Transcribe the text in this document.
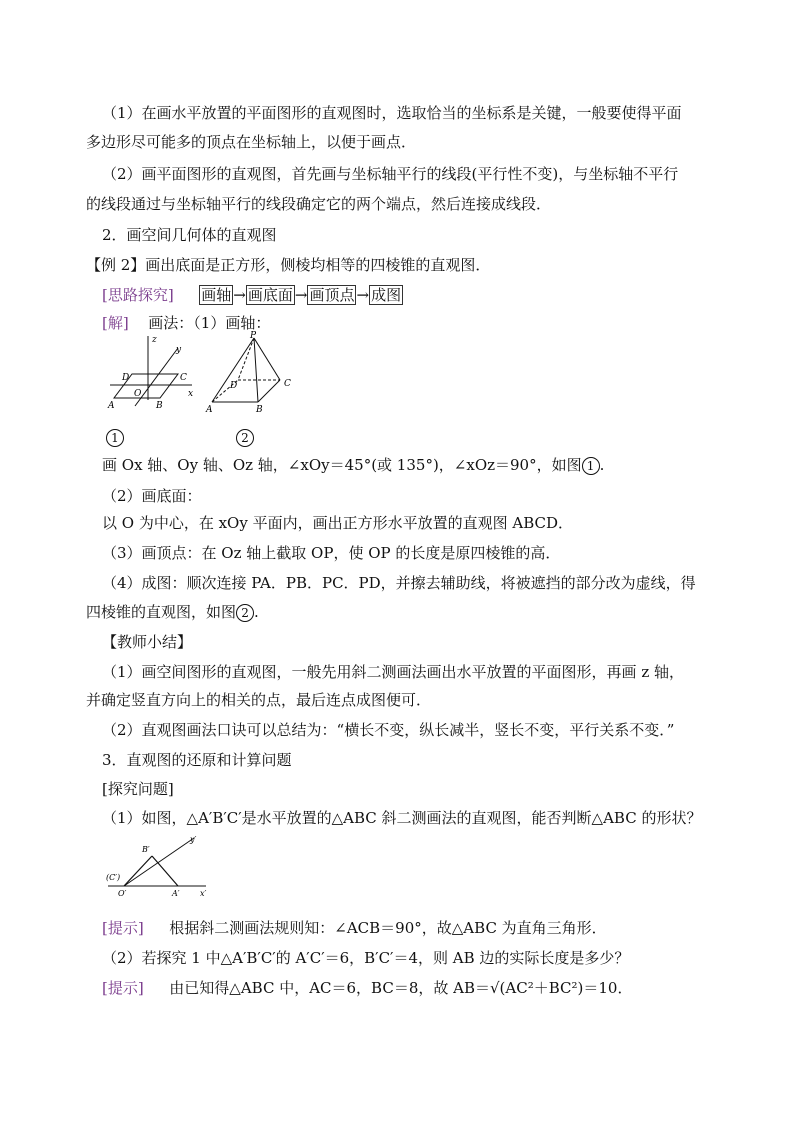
（1）在画水平放置的平面图形的直观图时，选取恰当的坐标系是关键，一般要使得平面
多边形尽可能多的顶点在坐标轴上，以便于画点．
（2）画平面图形的直观图，首先画与坐标轴平行的线段(平行性不变)，与坐标轴不平行
的线段通过与坐标轴平行的线段确定它的两个端点，然后连接成线段．
2．画空间几何体的直观图
【例 2】画出底面是正方形，侧棱均相等的四棱锥的直观图．
[思路探究] 画轴 → 画底面 → 画顶点 → 成图
[解] 画法：（1）画轴：
z
y
x
D	C
O
A	B
P
D	C
A	B
1	2
画 Ox 轴、Oy 轴、Oz 轴，∠xOy＝45°(或 135°)，∠xOz＝90°，如图 1 .
（2）画底面：
以 O 为中心，在 xOy 平面内，画出正方形水平放置的直观图 ABCD．
（3）画顶点：在 Oz 轴上截取 OP，使 OP 的长度是原四棱锥的高．
（4）成图：顺次连接 PA．PB．PC．PD，并擦去辅助线，将被遮挡的部分改为虚线，得
四棱锥的直观图，如图 2 .
【教师小结】
（1）画空间图形的直观图，一般先用斜二测画法画出水平放置的平面图形，再画 z 轴，
并确定竖直方向上的相关的点，最后连点成图便可．
（2）直观图画法口诀可以总结为：“横长不变，纵长减半，竖长不变，平行关系不变．”
3．直观图的还原和计算问题
[探究问题]
（1）如图，△A′B′C′是水平放置的△ABC 斜二测画法的直观图，能否判断△ABC 的形状？
y′
B′
(C′)
O′	A′	x′
[提示] 根据斜二测画法规则知：∠ACB＝90°，故△ABC 为直角三角形．
（2）若探究 1 中△A′B′C′的 A′C′＝6，B′C′＝4，则 AB 边的实际长度是多少？
[提示] 由已知得△ABC 中，AC＝6，BC＝8，故 AB＝√(AC²＋BC²)＝10．
